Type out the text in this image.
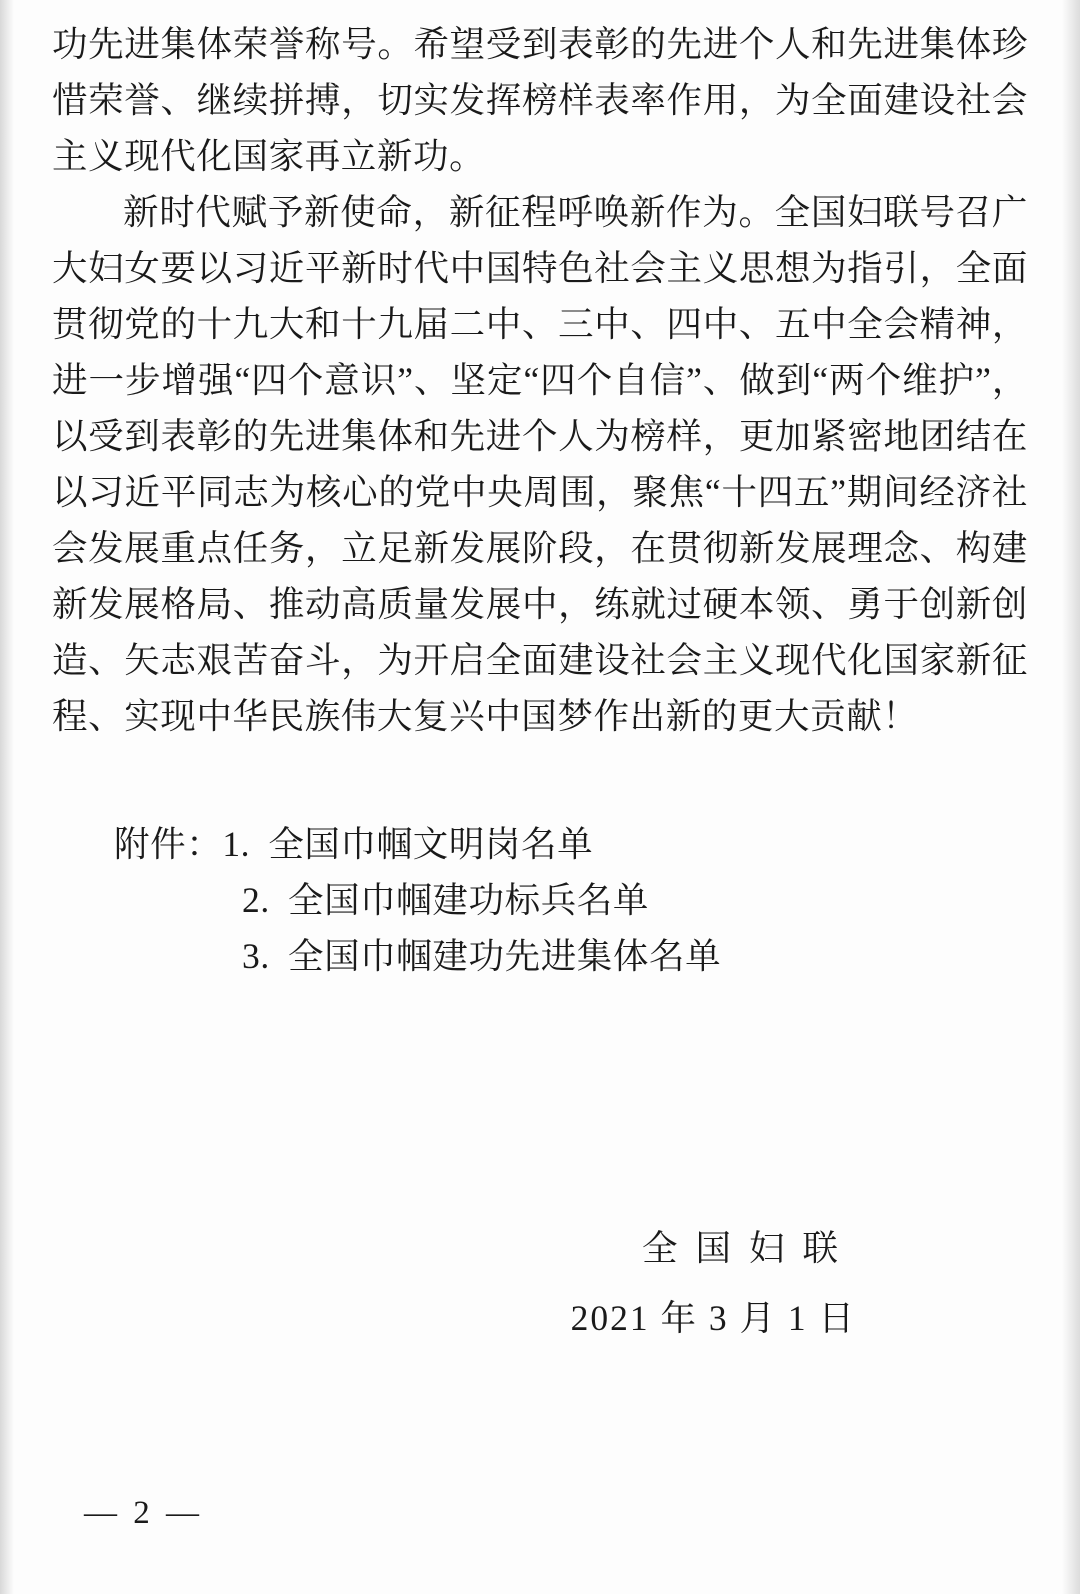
功先进集体荣誉称号。希望受到表彰的先进个人和先进集体珍惜荣誉、继续拼搏，切实发挥榜样表率作用，为全面建设社会主义现代化国家再立新功。

新时代赋予新使命，新征程呼唤新作为。全国妇联号召广大妇女要以习近平新时代中国特色社会主义思想为指引，全面贯彻党的十九大和十九届二中、三中、四中、五中全会精神，进一步增强“四个意识”、坚定“四个自信”、做到“两个维护”，以受到表彰的先进集体和先进个人为榜样，更加紧密地团结在以习近平同志为核心的党中央周围，聚焦“十四五”期间经济社会发展重点任务，立足新发展阶段，在贯彻新发展理念、构建新发展格局、推动高质量发展中，练就过硬本领、勇于创新创造、矢志艰苦奋斗，为开启全面建设社会主义现代化国家新征程、实现中华民族伟大复兴中国梦作出新的更大贡献！

附件：1. 全国巾帼文明岗名单
2. 全国巾帼建功标兵名单
3. 全国巾帼建功先进集体名单
全国妇联
2021 年 3 月 1 日
— 2 —
